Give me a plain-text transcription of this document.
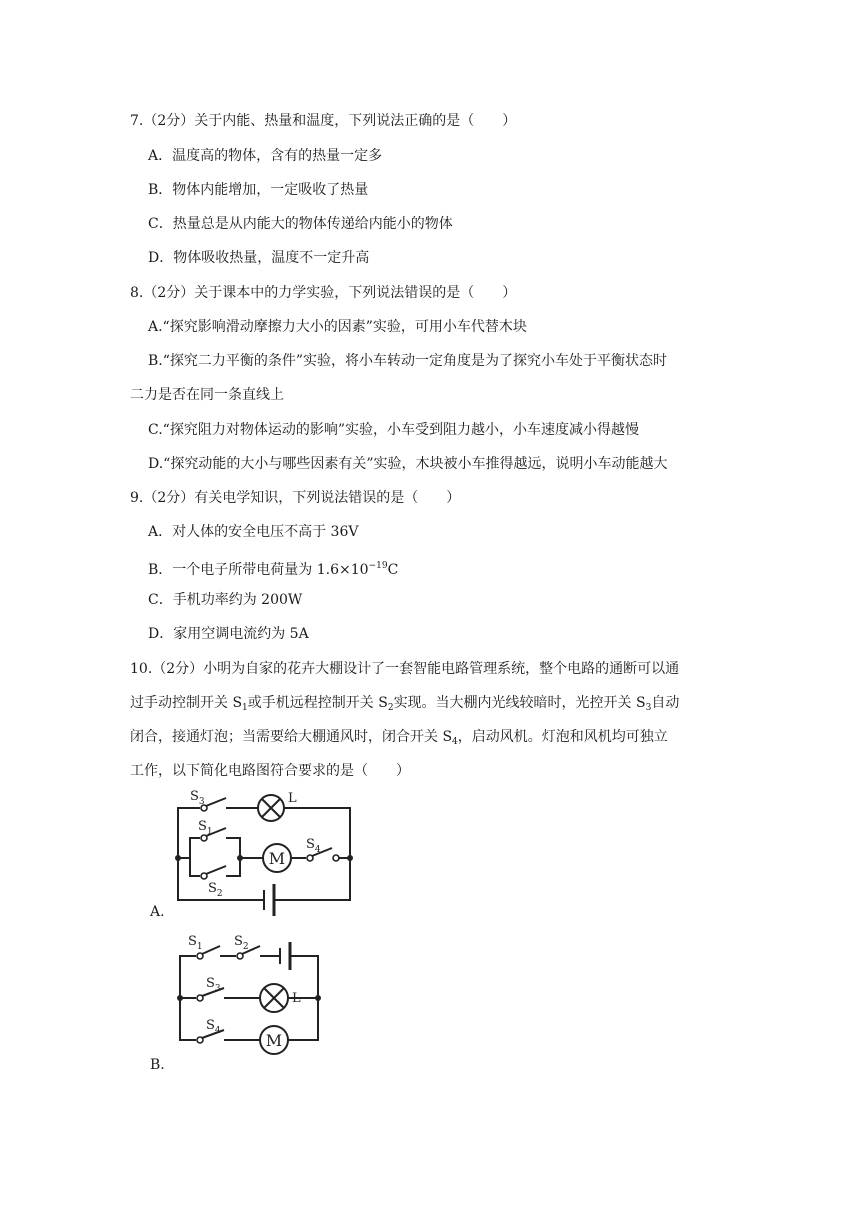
7.（2分）关于内能、热量和温度，下列说法正确的是（　　）
A．温度高的物体，含有的热量一定多
B．物体内能增加，一定吸收了热量
C．热量总是从内能大的物体传递给内能小的物体
D．物体吸收热量，温度不一定升高
8.（2分）关于课本中的力学实验，下列说法错误的是（　　）
A.“探究影响滑动摩擦力大小的因素”实验，可用小车代替木块
B.“探究二力平衡的条件”实验，将小车转动一定角度是为了探究小车处于平衡状态时
二力是否在同一条直线上
C.“探究阻力对物体运动的影响”实验，小车受到阻力越小，小车速度减小得越慢
D.“探究动能的大小与哪些因素有关”实验，木块被小车推得越远，说明小车动能越大
9.（2分）有关电学知识，下列说法错误的是（　　）
A．对人体的安全电压不高于 36V
B．一个电子所带电荷量为 $1.6\times 10^{-19}C$
C．手机功率约为 200W
D．家用空调电流约为 5A
10.（2分）小明为自家的花卉大棚设计了一套智能电路管理系统，整个电路的通断可以通
过手动控制开关 $S_1$或手机远程控制开关 $S_2$实现。当大棚内光线较暗时，光控开关 $S_3$自动
闭合，接通灯泡；当需要给大棚通风时，闭合开关 $S_4$，启动风机。灯泡和风机均可独立
工作，以下简化电路图符合要求的是（　　）
M
$S_3$	L
$S_1$
$S_2$
$S_4$
A.
M
$S_1$ $S_2$
$S_3$
L
$S_4$
B.
